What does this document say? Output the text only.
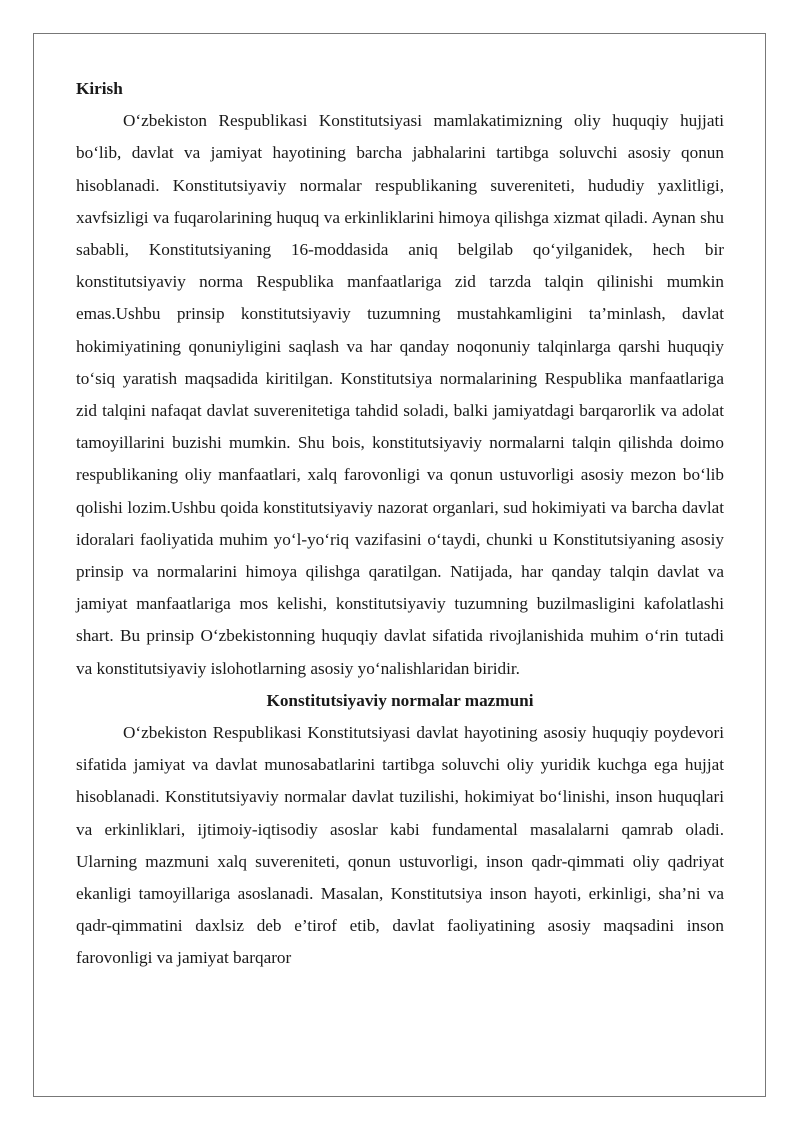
Kirish

O‘zbekiston Respublikasi Konstitutsiyasi mamlakatimizning oliy huquqiy hujjati bo‘lib, davlat va jamiyat hayotining barcha jabhalarini tartibga soluvchi asosiy qonun hisoblanadi. Konstitutsiyaviy normalar respublikaning suvereniteti, hududiy yaxlitligi, xavfsizligi va fuqarolarining huquq va erkinliklarini himoya qilishga xizmat qiladi. Aynan shu sababli, Konstitutsiyaning 16-moddasida aniq belgilab qo‘yilganidek, hech bir konstitutsiyaviy norma Respublika manfaatlariga zid tarzda talqin qilinishi mumkin emas.Ushbu prinsip konstitutsiyaviy tuzumning mustahkamligini ta’minlash, davlat hokimiyatining qonuniyligini saqlash va har qanday noqonuniy talqinlarga qarshi huquqiy to‘siq yaratish maqsadida kiritilgan. Konstitutsiya normalarining Respublika manfaatlariga zid talqini nafaqat davlat suverenitetiga tahdid soladi, balki jamiyatdagi barqarorlik va adolat tamoyillarini buzishi mumkin. Shu bois, konstitutsiyaviy normalarni talqin qilishda doimo respublikaning oliy manfaatlari, xalq farovonligi va qonun ustuvorligi asosiy mezon bo‘lib qolishi lozim.Ushbu qoida konstitutsiyaviy nazorat organlari, sud hokimiyati va barcha davlat idoralari faoliyatida muhim yo‘l-yo‘riq vazifasini o‘taydi, chunki u Konstitutsiyaning asosiy prinsip va normalarini himoya qilishga qaratilgan. Natijada, har qanday talqin davlat va jamiyat manfaatlariga mos kelishi, konstitutsiyaviy tuzumning buzilmasligini kafolatlashi shart. Bu prinsip O‘zbekistonning huquqiy davlat sifatida rivojlanishida muhim o‘rin tutadi va konstitutsiyaviy islohotlarning asosiy yo‘nalishlaridan biridir.

Konstitutsiyaviy normalar mazmuni

O‘zbekiston Respublikasi Konstitutsiyasi davlat hayotining asosiy huquqiy poydevori sifatida jamiyat va davlat munosabatlarini tartibga soluvchi oliy yuridik kuchga ega hujjat hisoblanadi. Konstitutsiyaviy normalar davlat tuzilishi, hokimiyat bo‘linishi, inson huquqlari va erkinliklari, ijtimoiy-iqtisodiy asoslar kabi fundamental masalalarni qamrab oladi. Ularning mazmuni xalq suvereniteti, qonun ustuvorligi, inson qadr-qimmati oliy qadriyat ekanligi tamoyillariga asoslanadi. Masalan, Konstitutsiya inson hayoti, erkinligi, sha’ni va qadr-qimmatini daxlsiz deb e’tirof etib, davlat faoliyatining asosiy maqsadini inson farovonligi va jamiyat barqaror
